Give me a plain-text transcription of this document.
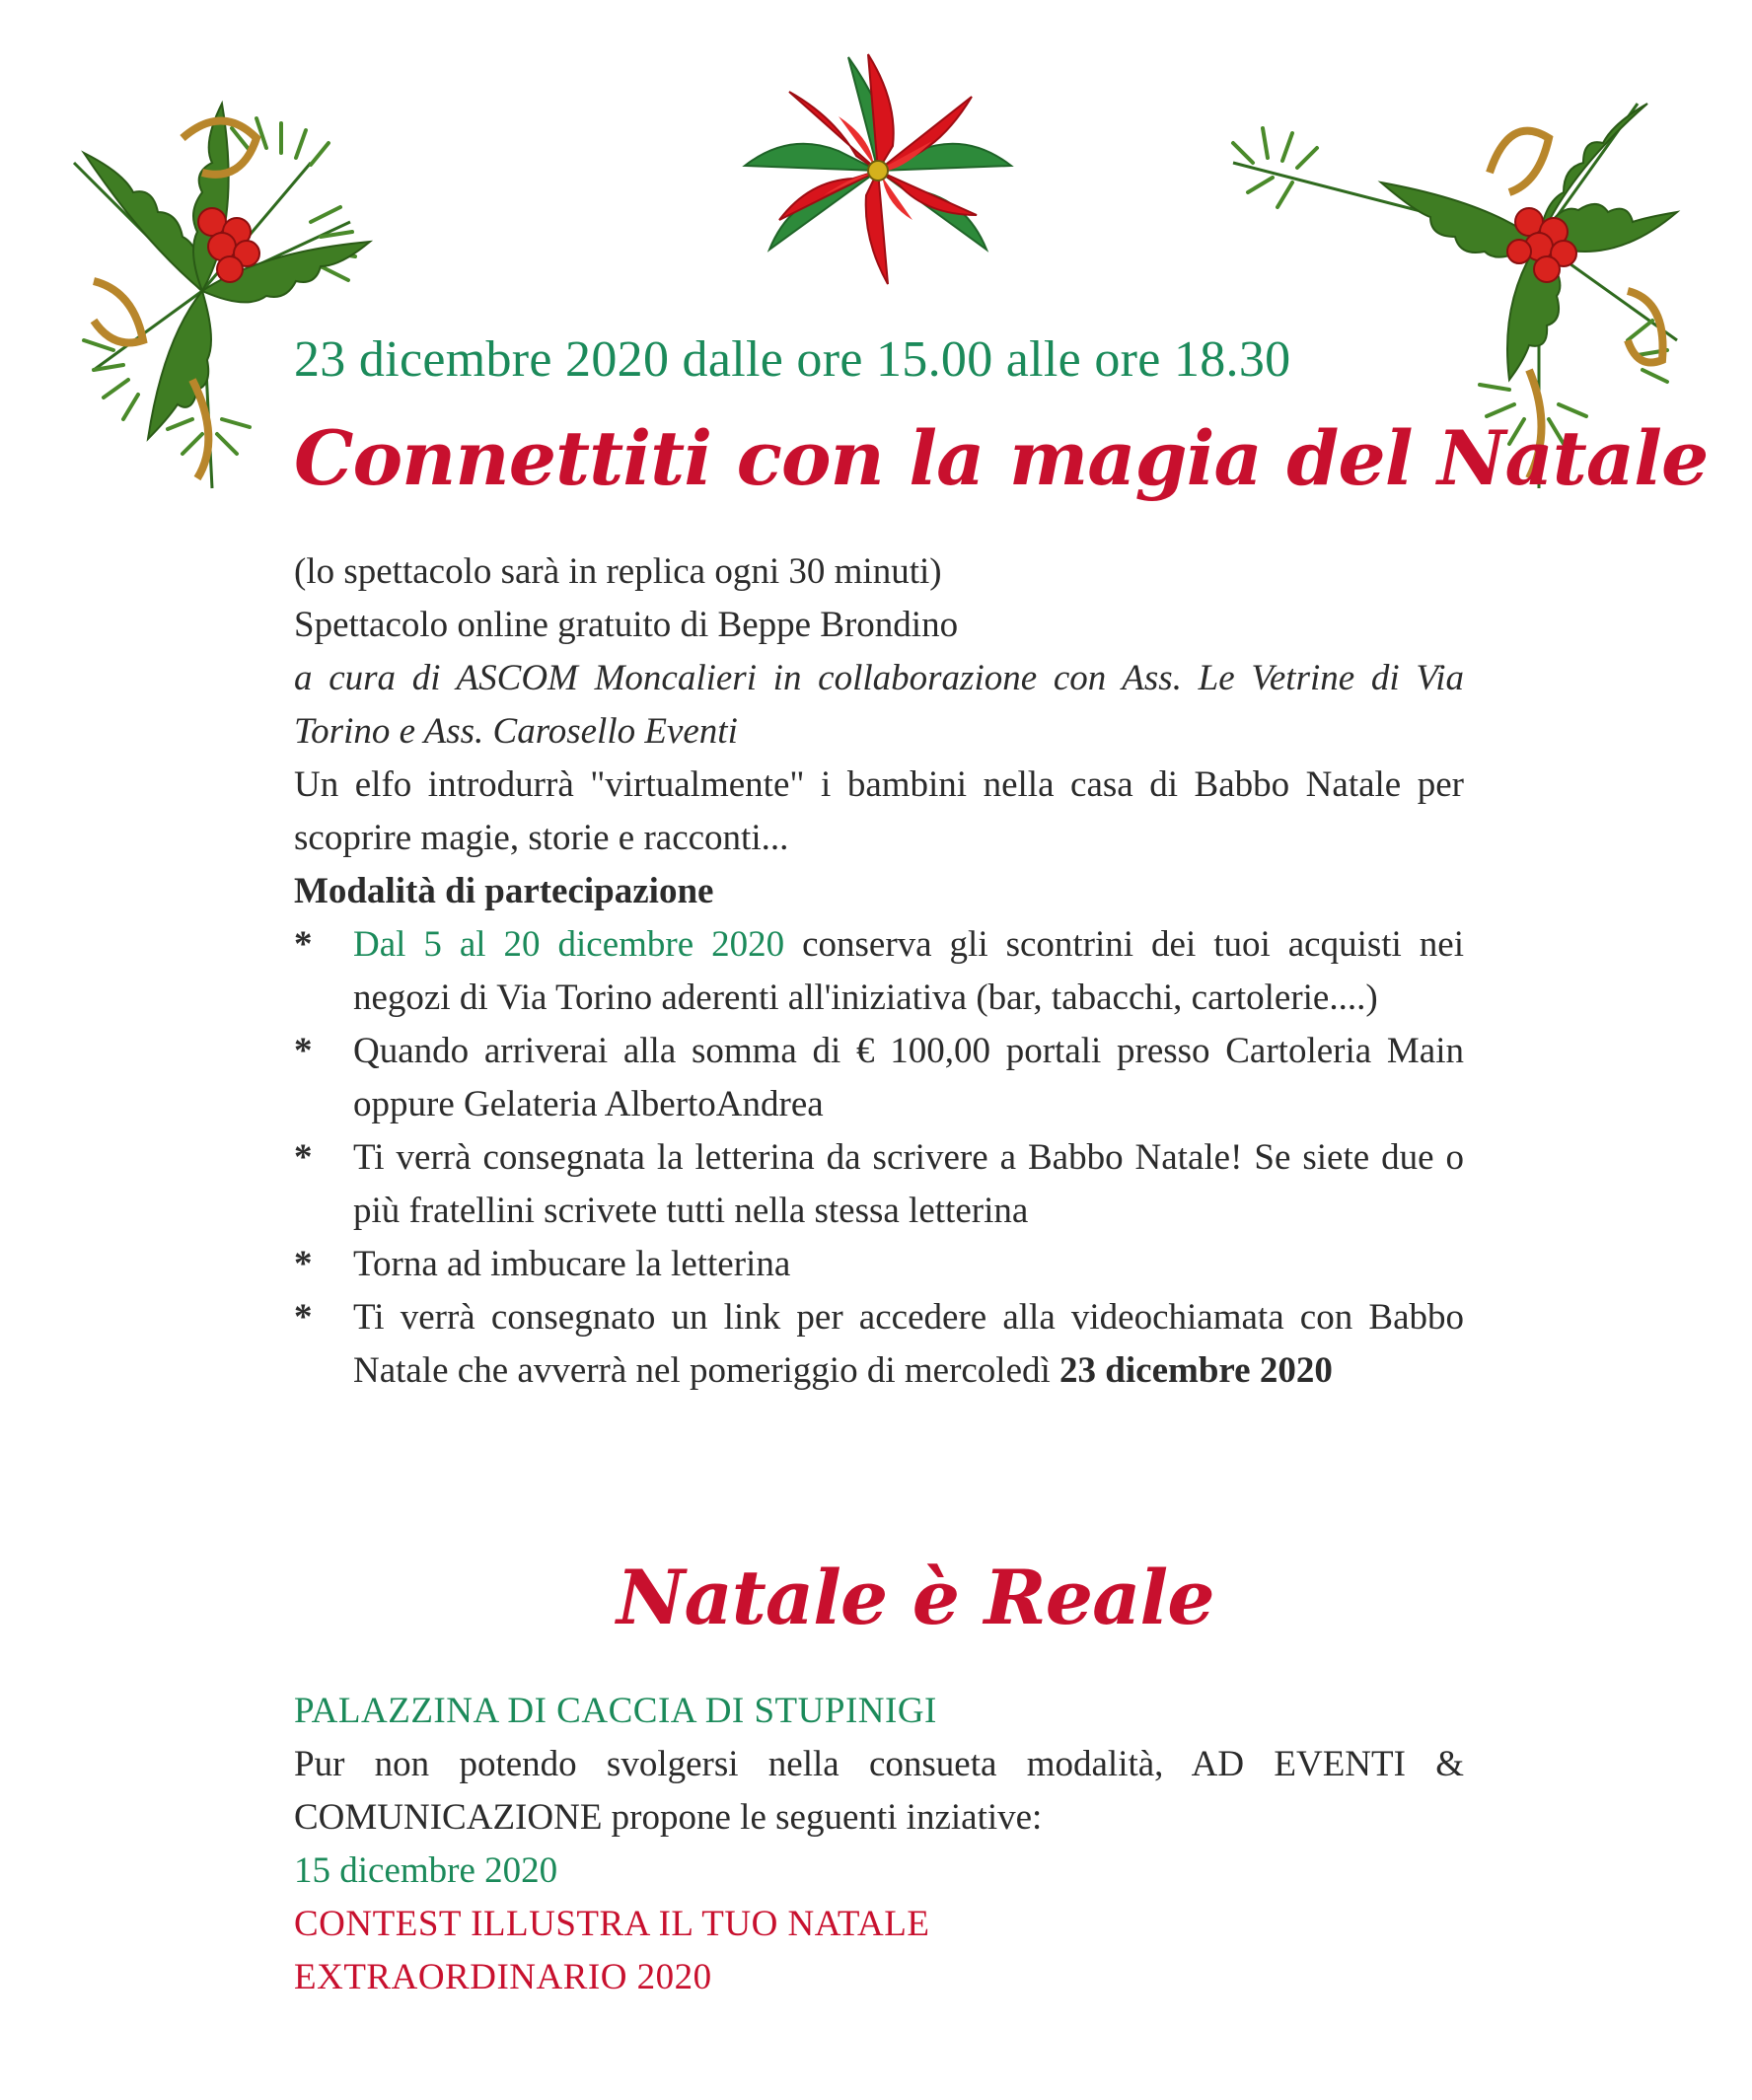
23 dicembre 2020 dalle ore 15.00 alle ore 18.30
Connettiti con la magia del Natale

(lo spettacolo sarà in replica ogni 30 minuti)

Spettacolo online gratuito di Beppe Brondino

a cura di ASCOM Moncalieri in collaborazione con Ass. Le Vetrine di Via Torino e Ass. Carosello Eventi

Un elfo introdurrà "virtualmente" i bambini nella casa di Babbo Natale per scoprire magie, storie e racconti...

Modalità di partecipazione

* Dal 5 al 20 dicembre 2020 conserva gli scontrini dei tuoi acquisti nei negozi di Via Torino aderenti all'iniziativa (bar, tabacchi, cartolerie....)
* Quando arriverai alla somma di € 100,00 portali presso Cartoleria Main oppure Gelateria AlbertoAndrea
* Ti verrà consegnata la letterina da scrivere a Babbo Natale! Se siete due o più fratellini scrivete tutti nella stessa letterina
* Torna ad imbucare la letterina
* Ti verrà consegnato un link per accedere alla videochiamata con Babbo Natale che avverrà nel pomeriggio di mercoledì 23 dicembre 2020
Natale è Reale

PALAZZINA DI CACCIA DI STUPINIGI

Pur non potendo svolgersi nella consueta modalità, AD EVENTI & COMUNICAZIONE propone le seguenti inziative:

15 dicembre 2020

CONTEST ILLUSTRA IL TUO NATALE

EXTRAORDINARIO 2020
